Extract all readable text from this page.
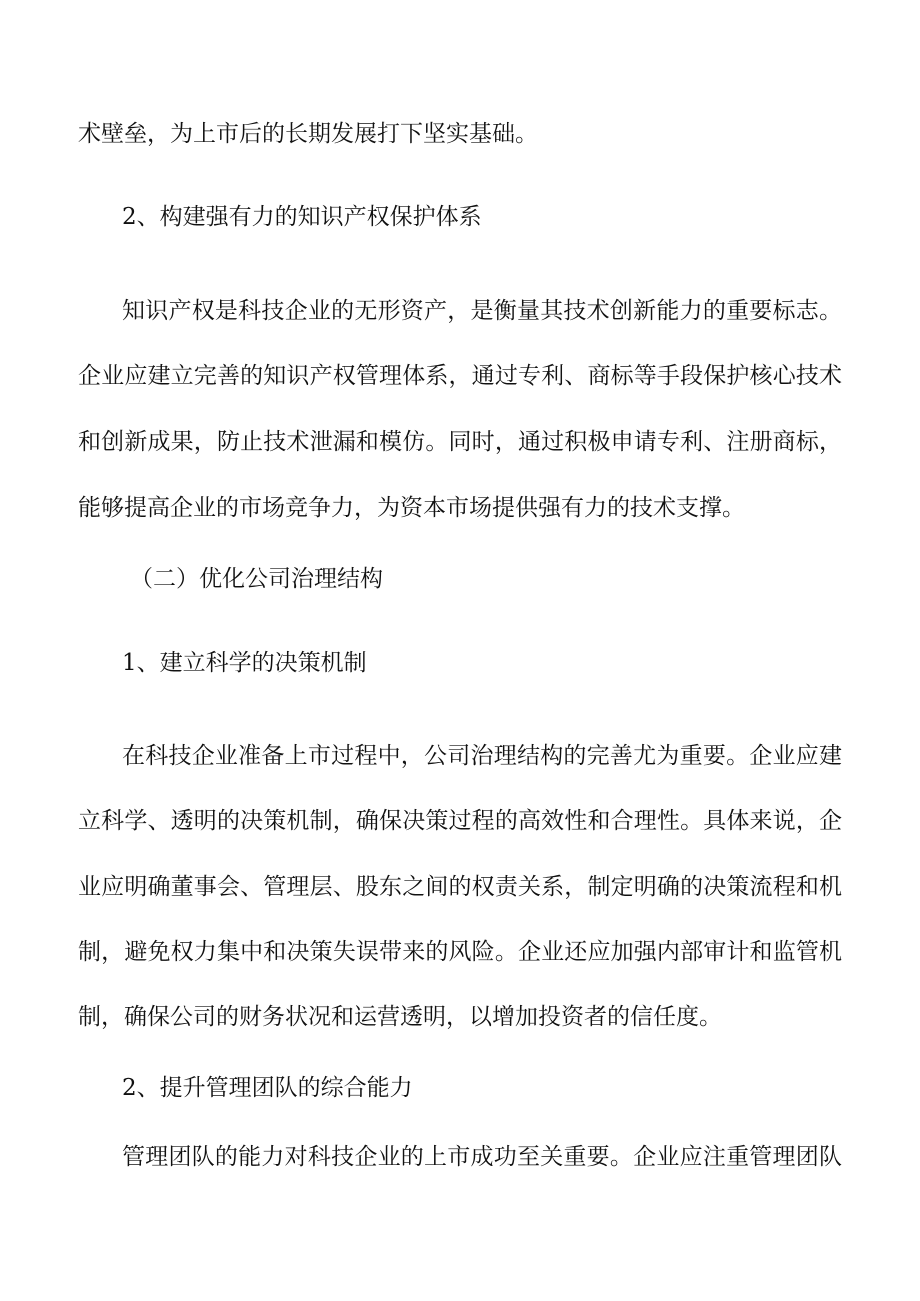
术壁垒，为上市后的长期发展打下坚实基础。
2、构建强有力的知识产权保护体系
知识产权是科技企业的无形资产，是衡量其技术创新能力的重要标志。
企业应建立完善的知识产权管理体系，通过专利、商标等手段保护核心技术
和创新成果，防止技术泄漏和模仿。同时，通过积极申请专利、注册商标，
能够提高企业的市场竞争力，为资本市场提供强有力的技术支撑。
（二）优化公司治理结构
1、建立科学的决策机制
在科技企业准备上市过程中，公司治理结构的完善尤为重要。企业应建
立科学、透明的决策机制，确保决策过程的高效性和合理性。具体来说，企
业应明确董事会、管理层、股东之间的权责关系，制定明确的决策流程和机
制，避免权力集中和决策失误带来的风险。企业还应加强内部审计和监管机
制，确保公司的财务状况和运营透明，以增加投资者的信任度。
2、提升管理团队的综合能力
管理团队的能力对科技企业的上市成功至关重要。企业应注重管理团队
